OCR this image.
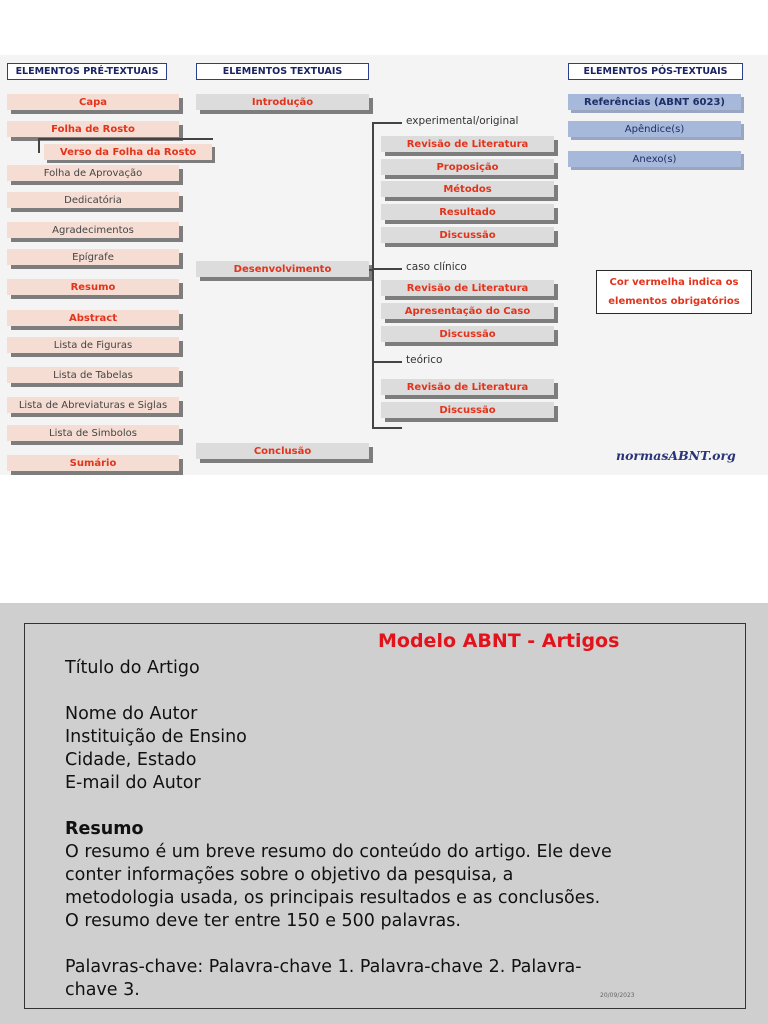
ELEMENTOS PRÉ-TEXTUAIS	ELEMENTOS TEXTUAIS	ELEMENTOS PÓS-TEXTUAIS
Capa
Folha de Rosto
Verso da Folha da Rosto
Folha de Aprovação
Dedicatória
Agradecimentos
Epígrafe
Resumo
Abstract
Lista de Figuras
Lista de Tabelas
Lista de Abreviaturas e Siglas
Lista de Simbolos
Sumário
Introdução
Desenvolvimento
Conclusão
experimental/original
Revisão de Literatura
Proposição
Métodos
Resultado
Discussão
caso clínico
Revisão de Literatura
Apresentação do Caso
Discussão
teórico
Revisão de Literatura
Discussão
Referências (ABNT 6023)
Apêndice(s)
Anexo(s)
Cor vermelha indica os
elementos obrigatórios
normasABNT.org
Modelo ABNT - Artigos
Título do Artigo
Nome do Autor
Instituição de Ensino
Cidade, Estado
E-mail do Autor
Resumo
O resumo é um breve resumo do conteúdo do artigo. Ele deve
conter informações sobre o objetivo da pesquisa, a
metodologia usada, os principais resultados e as conclusões.
O resumo deve ter entre 150 e 500 palavras.
Palavras-chave: Palavra-chave 1. Palavra-chave 2. Palavra-
chave 3.	20/09/2023
